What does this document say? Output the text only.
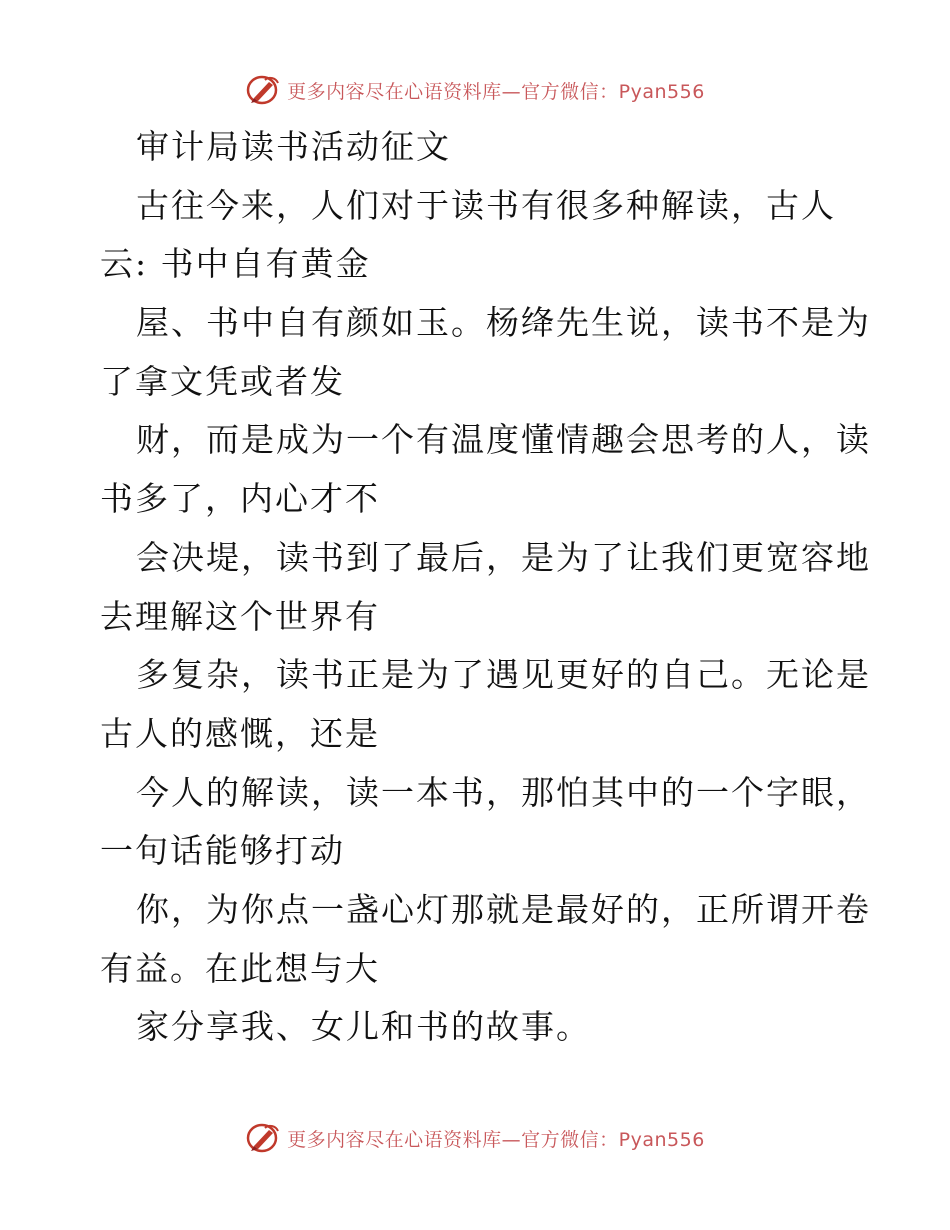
更多内容尽在心语资料库—官方微信：Pyan556
审计局读书活动征文
古往今来，人们对于读书有很多种解读，古人
云: 书中自有黄金
屋、书中自有颜如玉。杨绛先生说，读书不是为
了拿文凭或者发
财，而是成为一个有温度懂情趣会思考的人，读
书多了，内心才不
会决堤，读书到了最后，是为了让我们更宽容地
去理解这个世界有
多复杂，读书正是为了遇见更好的自己。无论是
古人的感慨，还是
今人的解读，读一本书，那怕其中的一个字眼，
一句话能够打动
你，为你点一盏心灯那就是最好的，正所谓开卷
有益。在此想与大
家分享我、女儿和书的故事。
更多内容尽在心语资料库—官方微信：Pyan556
